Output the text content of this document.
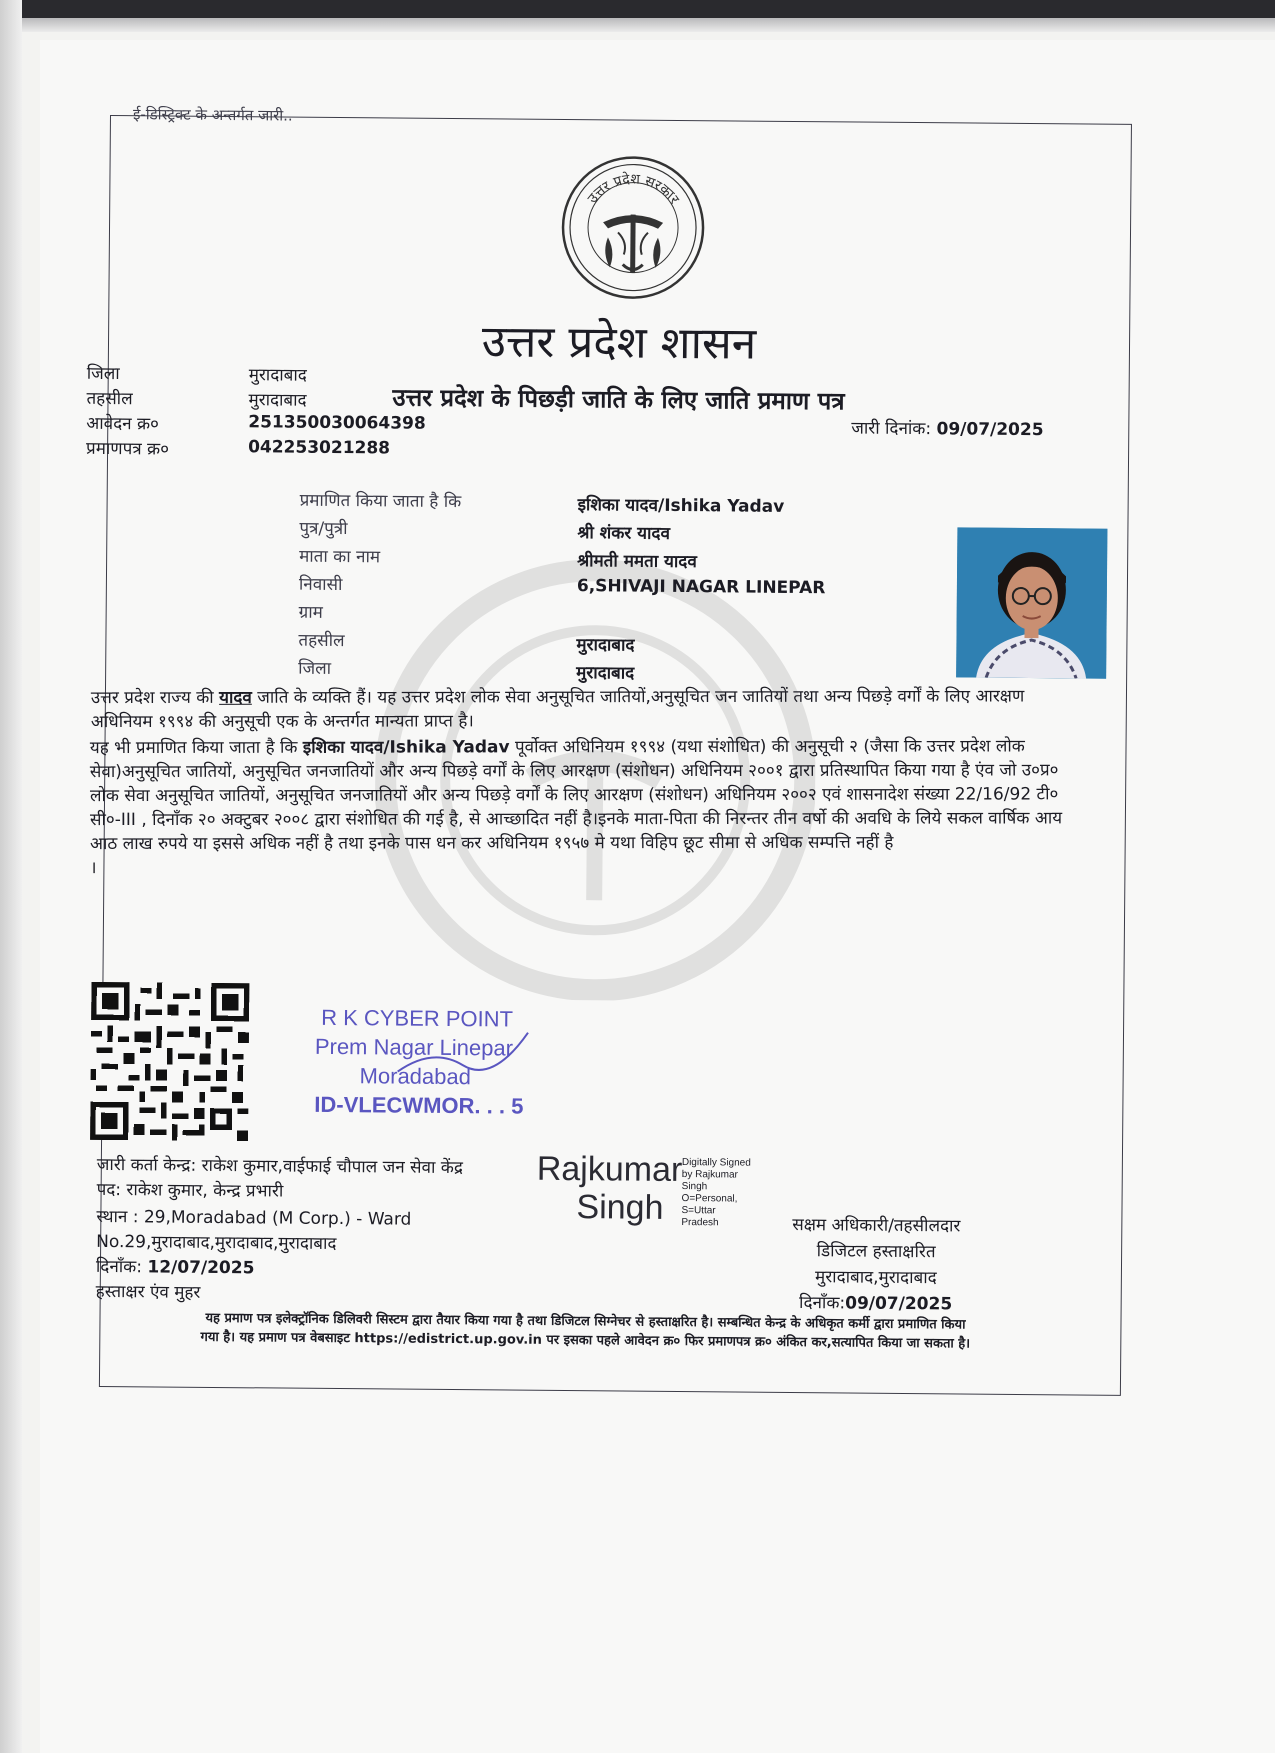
ई-डिस्ट्रिक्ट के अन्तर्गत जारी..
उत्तर प्रदेश सरकार
उत्तर प्रदेश शासन
उत्तर प्रदेश के पिछड़ी जाति के लिए जाति प्रमाण पत्र
जिला	मुरादाबाद
तहसील	मुरादाबाद
आवेदन क्र०	251350030064398
प्रमाणपत्र क्र०	042253021288
जारी दिनांक: 09/07/2025
प्रमाणित किया जाता है कि	इशिका यादव/Ishika Yadav
पुत्र/पुत्री	श्री शंकर यादव
माता का नाम	श्रीमती ममता यादव
निवासी	6,SHIVAJI NAGAR LINEPAR
ग्राम
तहसील	मुरादाबाद
जिला	मुरादाबाद
उत्तर प्रदेश राज्य की यादव जाति के व्यक्ति हैं। यह उत्तर प्रदेश लोक सेवा अनुसूचित जातियों,अनुसूचित जन जातियों तथा अन्य पिछड़े वर्गों के लिए आरक्षण अधिनियम १९९४ की अनुसूची एक के अन्तर्गत मान्यता प्राप्त है।
यह भी प्रमाणित किया जाता है कि इशिका यादव/Ishika Yadav पूर्वोक्त अधिनियम १९९४ (यथा संशोधित) की अनुसूची २ (जैसा कि उत्तर प्रदेश लोक सेवा)अनुसूचित जातियों, अनुसूचित जनजातियों और अन्य पिछड़े वर्गों के लिए आरक्षण (संशोधन) अधिनियम २००१ द्वारा प्रतिस्थापित किया गया है एंव जो उ०प्र० लोक सेवा अनुसूचित जातियों, अनुसूचित जनजातियों और अन्य पिछड़े वर्गों के लिए आरक्षण (संशोधन) अधिनियम २००२ एवं शासनादेश संख्या 22/16/92 टी० सी०-III , दिनाँक २० अक्टुबर २००८ द्वारा संशोधित की गई है, से आच्छादित नहीं है।इनके माता-पिता की निरन्तर तीन वर्षो की अवधि के लिये सकल वार्षिक आय आठ लाख रुपये या इससे अधिक नहीं है तथा इनके पास धन कर अधिनियम १९५७ मे यथा विहिप छूट सीमा से अधिक सम्पत्ति नहीं है
।
R K CYBER POINT
Prem Nagar Linepar
Moradabad
ID-VLECWMOR. . . 5
जारी कर्ता केन्द्र: राकेश कुमार,वाईफाई चौपाल जन सेवा केंद्र
पद: राकेश कुमार, केन्द्र प्रभारी
स्थान : 29,Moradabad (M Corp.) - Ward
No.29,मुरादाबाद,मुरादाबाद,मुरादाबाद
दिनाँक: 12/07/2025
हस्ताक्षर एंव मुहर
Rajkumar
Singh
Digitally Signed
by Rajkumar
Singh
O=Personal,
S=Uttar
Pradesh	सक्षम अधिकारी/तहसीलदार
डिजिटल हस्ताक्षरित
मुरादाबाद,मुरादाबाद
दिनाँक:09/07/2025
यह प्रमाण पत्र इलेक्ट्रॉनिक डिलिवरी सिस्टम द्वारा तैयार किया गया है तथा डिजिटल सिग्नेचर से हस्ताक्षरित है। सम्बन्धित केन्द्र के अधिकृत कर्मी द्वारा प्रमाणित किया
गया है। यह प्रमाण पत्र वेबसाइट https://edistrict.up.gov.in पर इसका पहले आवेदन क्र० फिर प्रमाणपत्र क्र० अंकित कर,सत्यापित किया जा सकता है।
